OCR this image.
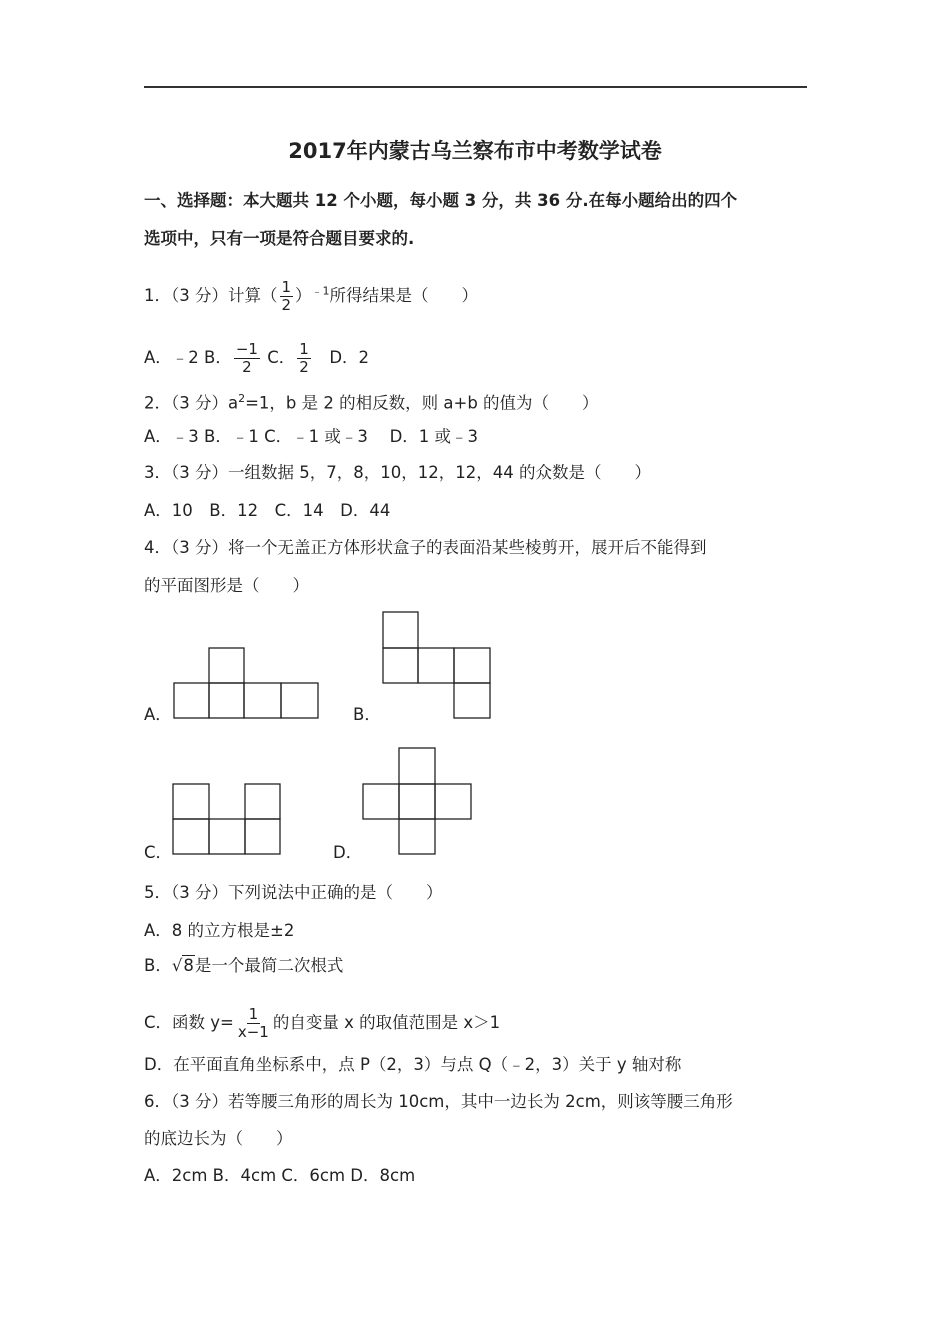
2017年内蒙古乌兰察布市中考数学试卷
一、选择题：本大题共 12 个小题，每小题 3 分，共 36 分.在每小题给出的四个
选项中，只有一项是符合题目要求的.
1．（3 分）计算（ $\frac{1}{2} )^{﹣1}$所得结果是（　　）
A．﹣2 B． $\frac{-1}{2}$ C． $\frac{1}{2}$ 　D．2
2．（3 分）$a^2=1$，b 是 2 的相反数，则 a+b 的值为（　　）
A．﹣3 B．﹣1 C．﹣1 或﹣3　 D．1 或﹣3
3．（3 分）一组数据 5，7，8，10，12，12，44 的众数是（　　）
A．10　B．12　C．14　D．44
4．（3 分）将一个无盖正方体形状盒子的表面沿某些棱剪开，展开后不能得到
的平面图形是（　　）
A．	B．
C．	D．
5．（3 分）下列说法中正确的是（　　）
A．8 的立方根是±2
B．√8是一个最简二次根式
C．函数 $y= \frac{1}{x-1}$ 的自变量 x 的取值范围是 x＞1
D．在平面直角坐标系中，点 P（2，3）与点 Q（﹣2，3）关于 y 轴对称
6．（3 分）若等腰三角形的周长为 10cm，其中一边长为 2cm，则该等腰三角形
的底边长为（　　）
A．2cm B．4cm C．6cm D．8cm
